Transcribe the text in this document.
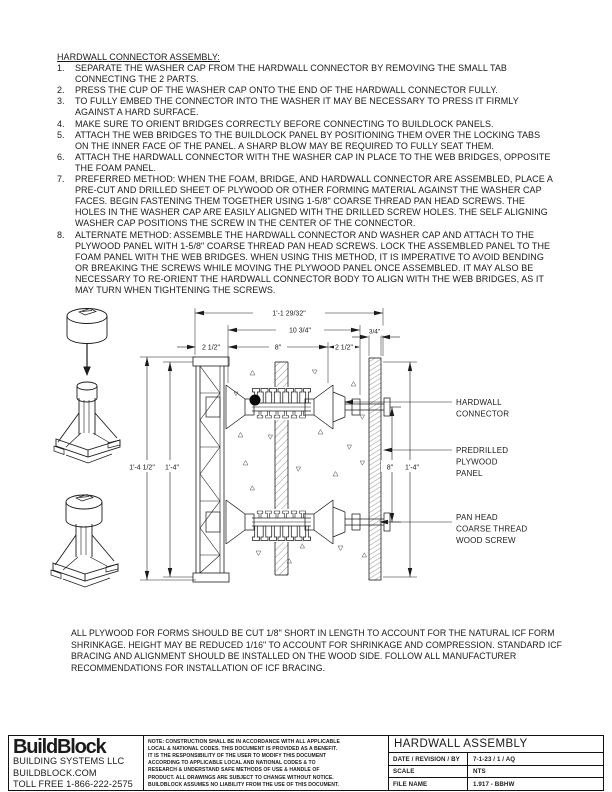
HARDWALL CONNECTOR ASSEMBLY:
1.	SEPARATE THE WASHER CAP FROM THE HARDWALL CONNECTOR BY REMOVING THE SMALL TAB CONNECTING THE 2 PARTS.
2.	PRESS THE CUP OF THE WASHER CAP ONTO THE END OF THE HARDWALL CONNECTOR FULLY.
3.	TO FULLY EMBED THE CONNECTOR INTO THE WASHER IT MAY BE NECESSARY TO PRESS IT FIRMLY AGAINST A HARD SURFACE.
4.	MAKE SURE TO ORIENT BRIDGES CORRECTLY BEFORE CONNECTING TO BUILDLOCK PANELS.
5.	ATTACH THE WEB BRIDGES TO THE BUILDLOCK PANEL BY POSITIONING THEM OVER THE LOCKING TABS ON THE INNER FACE OF THE PANEL. A SHARP BLOW MAY BE REQUIRED TO FULLY SEAT THEM.
6.	ATTACH THE HARDWALL CONNECTOR WITH THE WASHER CAP IN PLACE TO THE WEB BRIDGES, OPPOSITE THE FOAM PANEL.
7.	PREFERRED METHOD: WHEN THE FOAM, BRIDGE, AND HARDWALL CONNECTOR ARE ASSEMBLED, PLACE A PRE-CUT AND DRILLED SHEET OF PLYWOOD OR OTHER FORMING MATERIAL AGAINST THE WASHER CAP FACES. BEGIN FASTENING THEM TOGETHER USING 1-5/8" COARSE THREAD PAN HEAD SCREWS. THE HOLES IN THE WASHER CAP ARE EASILY ALIGNED WITH THE DRILLED SCREW HOLES. THE SELF ALIGNING WASHER CAP POSITIONS THE SCREW IN THE CENTER OF THE CONNECTOR.
8.	ALTERNATE METHOD: ASSEMBLE THE HARDWALL CONNECTOR AND WASHER CAP AND ATTACH TO THE PLYWOOD PANEL WITH 1-5/8" COARSE THREAD PAN HEAD SCREWS. LOCK THE ASSEMBLED PANEL TO THE FOAM PANEL WITH THE WEB BRIDGES. WHEN USING THIS METHOD, IT IS IMPERATIVE TO AVOID BENDING OR BREAKING THE SCREWS WHILE MOVING THE PLYWOOD PANEL ONCE ASSEMBLED. IT MAY ALSO BE NECESSARY TO RE-ORIENT THE HARDWALL CONNECTOR BODY TO ALIGN WITH THE WEB BRIDGES, AS IT MAY TURN WHEN TIGHTENING THE SCREWS.
1'-1 29/32"
10 3/4"
8"
2 1/2"	2 1/2"
3/4"
1'-4 1/2" 1'-4"	8" 1'-4"
HARDWALL
CONNECTOR
PREDRILLED
PLYWOOD
PANEL
PAN HEAD
COARSE THREAD
WOOD SCREW
ALL PLYWOOD FOR FORMS SHOULD BE CUT 1/8" SHORT IN LENGTH TO ACCOUNT FOR THE NATURAL ICF FORM SHRINKAGE. HEIGHT MAY BE REDUCED 1/16" TO ACCOUNT FOR SHRINKAGE AND COMPRESSION. STANDARD ICF BRACING AND ALIGNMENT SHOULD BE INSTALLED ON THE WOOD SIDE. FOLLOW ALL MANUFACTURER RECOMMENDATIONS FOR INSTALLATION OF ICF BRACING.
BuildBlock
BUILDING SYSTEMS LLC
BUILDBLOCK.COM
TOLL FREE 1-866-222-2575
NOTE: CONSTRUCTION SHALL BE IN ACCORDANCE WITH ALL APPLICABLE
LOCAL & NATIONAL CODES. THIS DOCUMENT IS PROVIDED AS A BENEFIT.
IT IS THE RESPONSIBILITY OF THE USER TO MODIFY THIS DOCUMENT
ACCORDING TO APPLICABLE LOCAL AND NATIONAL CODES & TO
RESEARCH & UNDERSTAND SAFE METHODS OF USE & HANDLE OF
PRODUCT. ALL DRAWINGS ARE SUBJECT TO CHANGE WITHOUT NOTICE.
BUILDBLOCK ASSUMES NO LIABILITY FROM THE USE OF THIS DOCUMENT.
HARDWALL ASSEMBLY
DATE / REVISION / BY	7-1-23 / 1 / AQ
SCALE	NTS
FILE NAME	1.917 - BBHW
